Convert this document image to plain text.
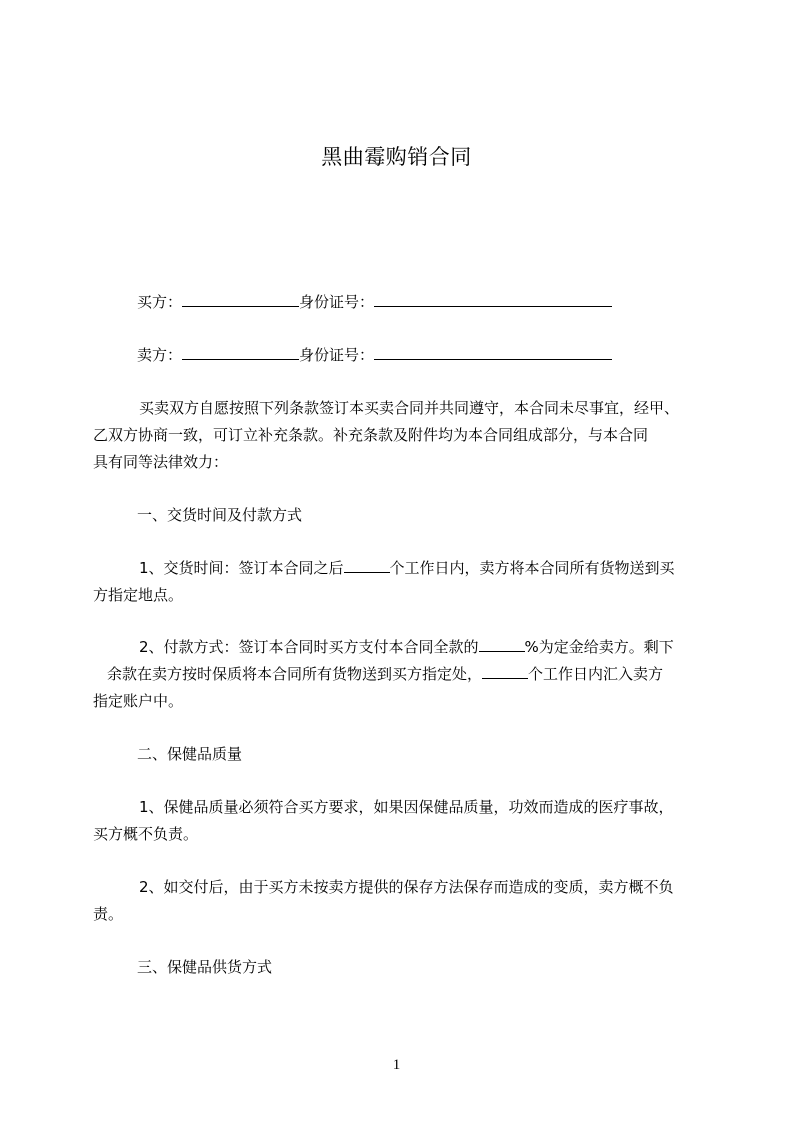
黑曲霉购销合同
买方：	身份证号：
卖方：	身份证号：
买卖双方自愿按照下列条款签订本买卖合同并共同遵守，本合同未尽事宜，经甲、
乙双方协商一致，可订立补充条款。补充条款及附件均为本合同组成部分，与本合同
具有同等法律效力：
一、交货时间及付款方式
1、交货时间：签订本合同之后	个工作日内，卖方将本合同所有货物送到买
方指定地点。
2、付款方式：签订本合同时买方支付本合同全款的	%为定金给卖方。剩下
余款在卖方按时保质将本合同所有货物送到买方指定处，	个工作日内汇入卖方
指定账户中。
二、保健品质量
1、保健品质量必须符合买方要求，如果因保健品质量，功效而造成的医疗事故，
买方概不负责。
2、如交付后，由于买方未按卖方提供的保存方法保存而造成的变质，卖方概不负
责。
三、保健品供货方式
1
